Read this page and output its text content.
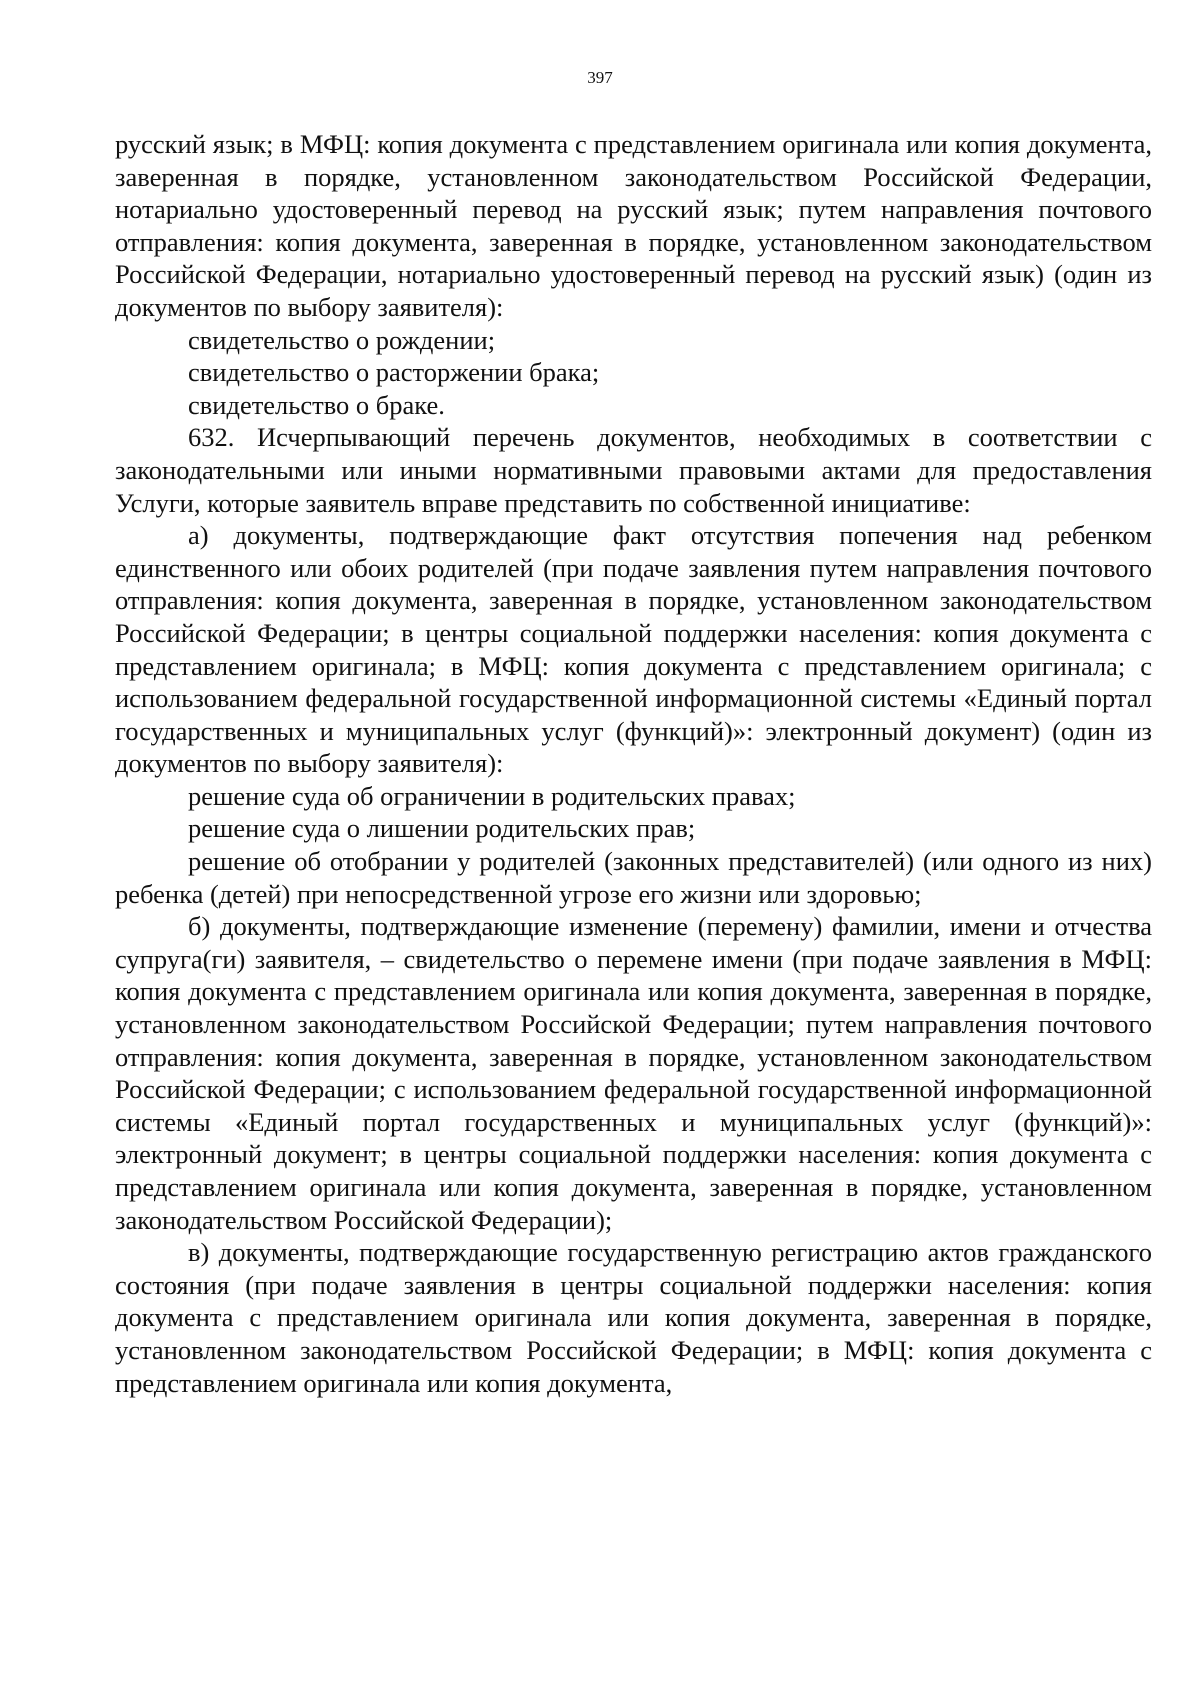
397

русский язык; в МФЦ: копия документа с представлением оригинала или копия документа, заверенная в порядке, установленном законодательством Российской Федерации, нотариально удостоверенный перевод на русский язык; путем направления почтового отправления: копия документа, заверенная в порядке, установленном законодательством Российской Федерации, нотариально удостоверенный перевод на русский язык) (один из документов по выбору заявителя):

свидетельство о рождении;

свидетельство о расторжении брака;

свидетельство о браке.

632. Исчерпывающий перечень документов, необходимых в соответствии с законодательными или иными нормативными правовыми актами для предоставления Услуги, которые заявитель вправе представить по собственной инициативе:

а) документы, подтверждающие факт отсутствия попечения над ребенком единственного или обоих родителей (при подаче заявления путем направления почтового отправления: копия документа, заверенная в порядке, установленном законодательством Российской Федерации; в центры социальной поддержки населения: копия документа с представлением оригинала; в МФЦ: копия документа с представлением оригинала; с использованием федеральной государственной информационной системы «Единый портал государственных и муниципальных услуг (функций)»: электронный документ) (один из документов по выбору заявителя):

решение суда об ограничении в родительских правах;

решение суда о лишении родительских прав;

решение об отобрании у родителей (законных представителей) (или одного из них) ребенка (детей) при непосредственной угрозе его жизни или здоровью;

б) документы, подтверждающие изменение (перемену) фамилии, имени и отчества супруга(ги) заявителя, – свидетельство о перемене имени (при подаче заявления в МФЦ: копия документа с представлением оригинала или копия документа, заверенная в порядке, установленном законодательством Российской Федерации; путем направления почтового отправления: копия документа, заверенная в порядке, установленном законодательством Российской Федерации; с использованием федеральной государственной информационной системы «Единый портал государственных и муниципальных услуг (функций)»: электронный документ; в центры социальной поддержки населения: копия документа с представлением оригинала или копия документа, заверенная в порядке, установленном законодательством Российской Федерации);

в) документы, подтверждающие государственную регистрацию актов гражданского состояния (при подаче заявления в центры социальной поддержки населения: копия документа с представлением оригинала или копия документа, заверенная в порядке, установленном законодательством Российской Федерации; в МФЦ: копия документа с представлением оригинала или копия документа,
